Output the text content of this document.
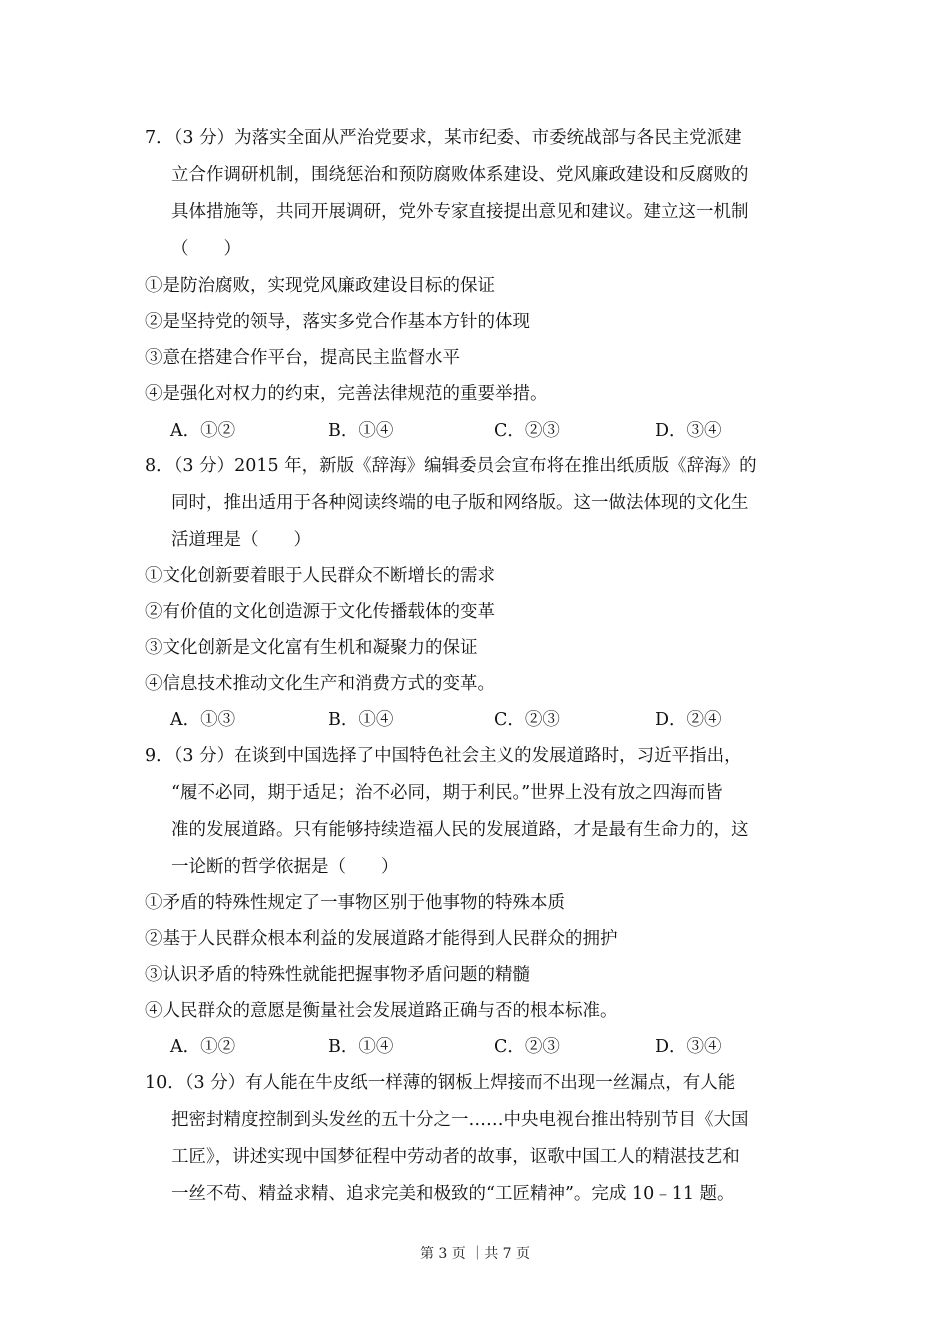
7．（3 分）为落实全面从严治党要求，某市纪委、市委统战部与各民主党派建
立合作调研机制，围绕惩治和预防腐败体系建设、党风廉政建设和反腐败的
具体措施等，共同开展调研，党外专家直接提出意见和建议。建立这一机制
（　　）
①是防治腐败，实现党风廉政建设目标的保证
②是坚持党的领导，落实多党合作基本方针的体现
③意在搭建合作平台，提高民主监督水平
④是强化对权力的约束，完善法律规范的重要举措。
A．①②	B．①④	C．②③	D．③④
8．（3 分）2015 年，新版《辞海》编辑委员会宣布将在推出纸质版《辞海》的
同时，推出适用于各种阅读终端的电子版和网络版。这一做法体现的文化生
活道理是（　　）
①文化创新要着眼于人民群众不断增长的需求
②有价值的文化创造源于文化传播载体的变革
③文化创新是文化富有生机和凝聚力的保证
④信息技术推动文化生产和消费方式的变革。
A．①③	B．①④	C．②③	D．②④
9．（3 分）在谈到中国选择了中国特色社会主义的发展道路时，习近平指出，
“履不必同，期于适足；治不必同，期于利民。”世界上没有放之四海而皆
准的发展道路。只有能够持续造福人民的发展道路，才是最有生命力的，这
一论断的哲学依据是（　　）
①矛盾的特殊性规定了一事物区别于他事物的特殊本质
②基于人民群众根本利益的发展道路才能得到人民群众的拥护
③认识矛盾的特殊性就能把握事物矛盾问题的精髓
④人民群众的意愿是衡量社会发展道路正确与否的根本标准。
A．①②	B．①④	C．②③	D．③④
10．（3 分）有人能在牛皮纸一样薄的钢板上焊接而不出现一丝漏点，有人能
把密封精度控制到头发丝的五十分之一……中央电视台推出特别节目《大国
工匠》，讲述实现中国梦征程中劳动者的故事，讴歌中国工人的精湛技艺和
一丝不苟、精益求精、追求完美和极致的“工匠精神”。完成 10﹣11 题。
第 3 页 ｜共 7 页
